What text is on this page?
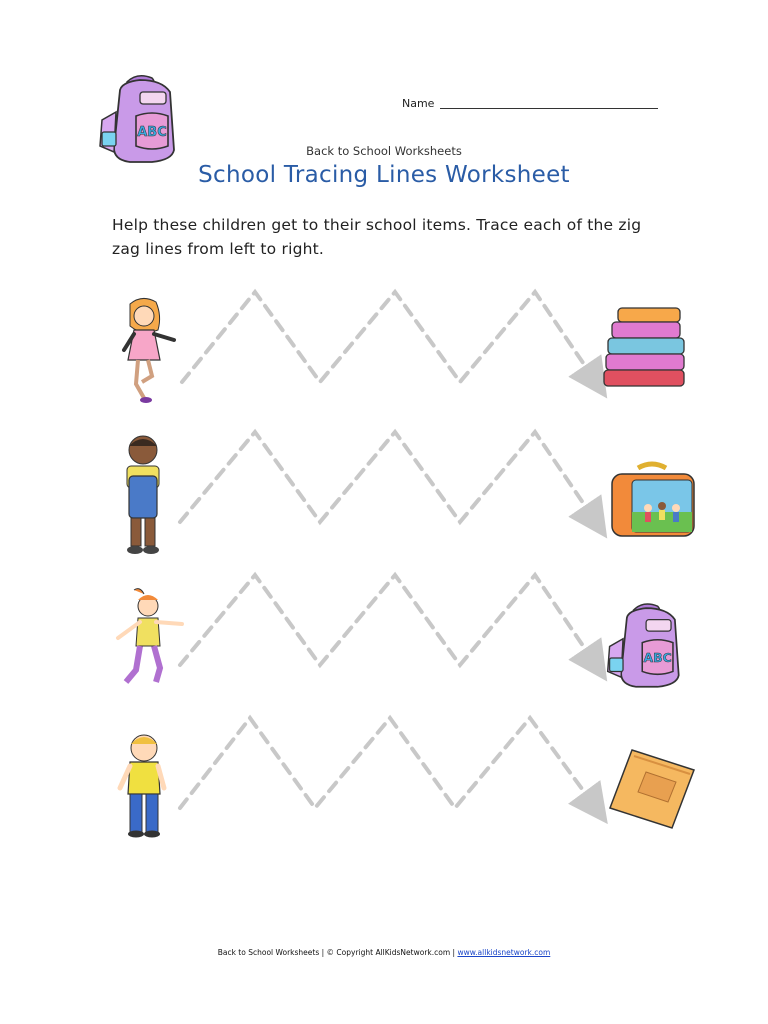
ABC
Name
Back to School Worksheets
School Tracing Lines Worksheet
Help these children get to their school items. Trace each of the zig zag lines from left to right.
ABC
Back to School Worksheets | © Copyright AllKidsNetwork.com | www.allkidsnetwork.com
